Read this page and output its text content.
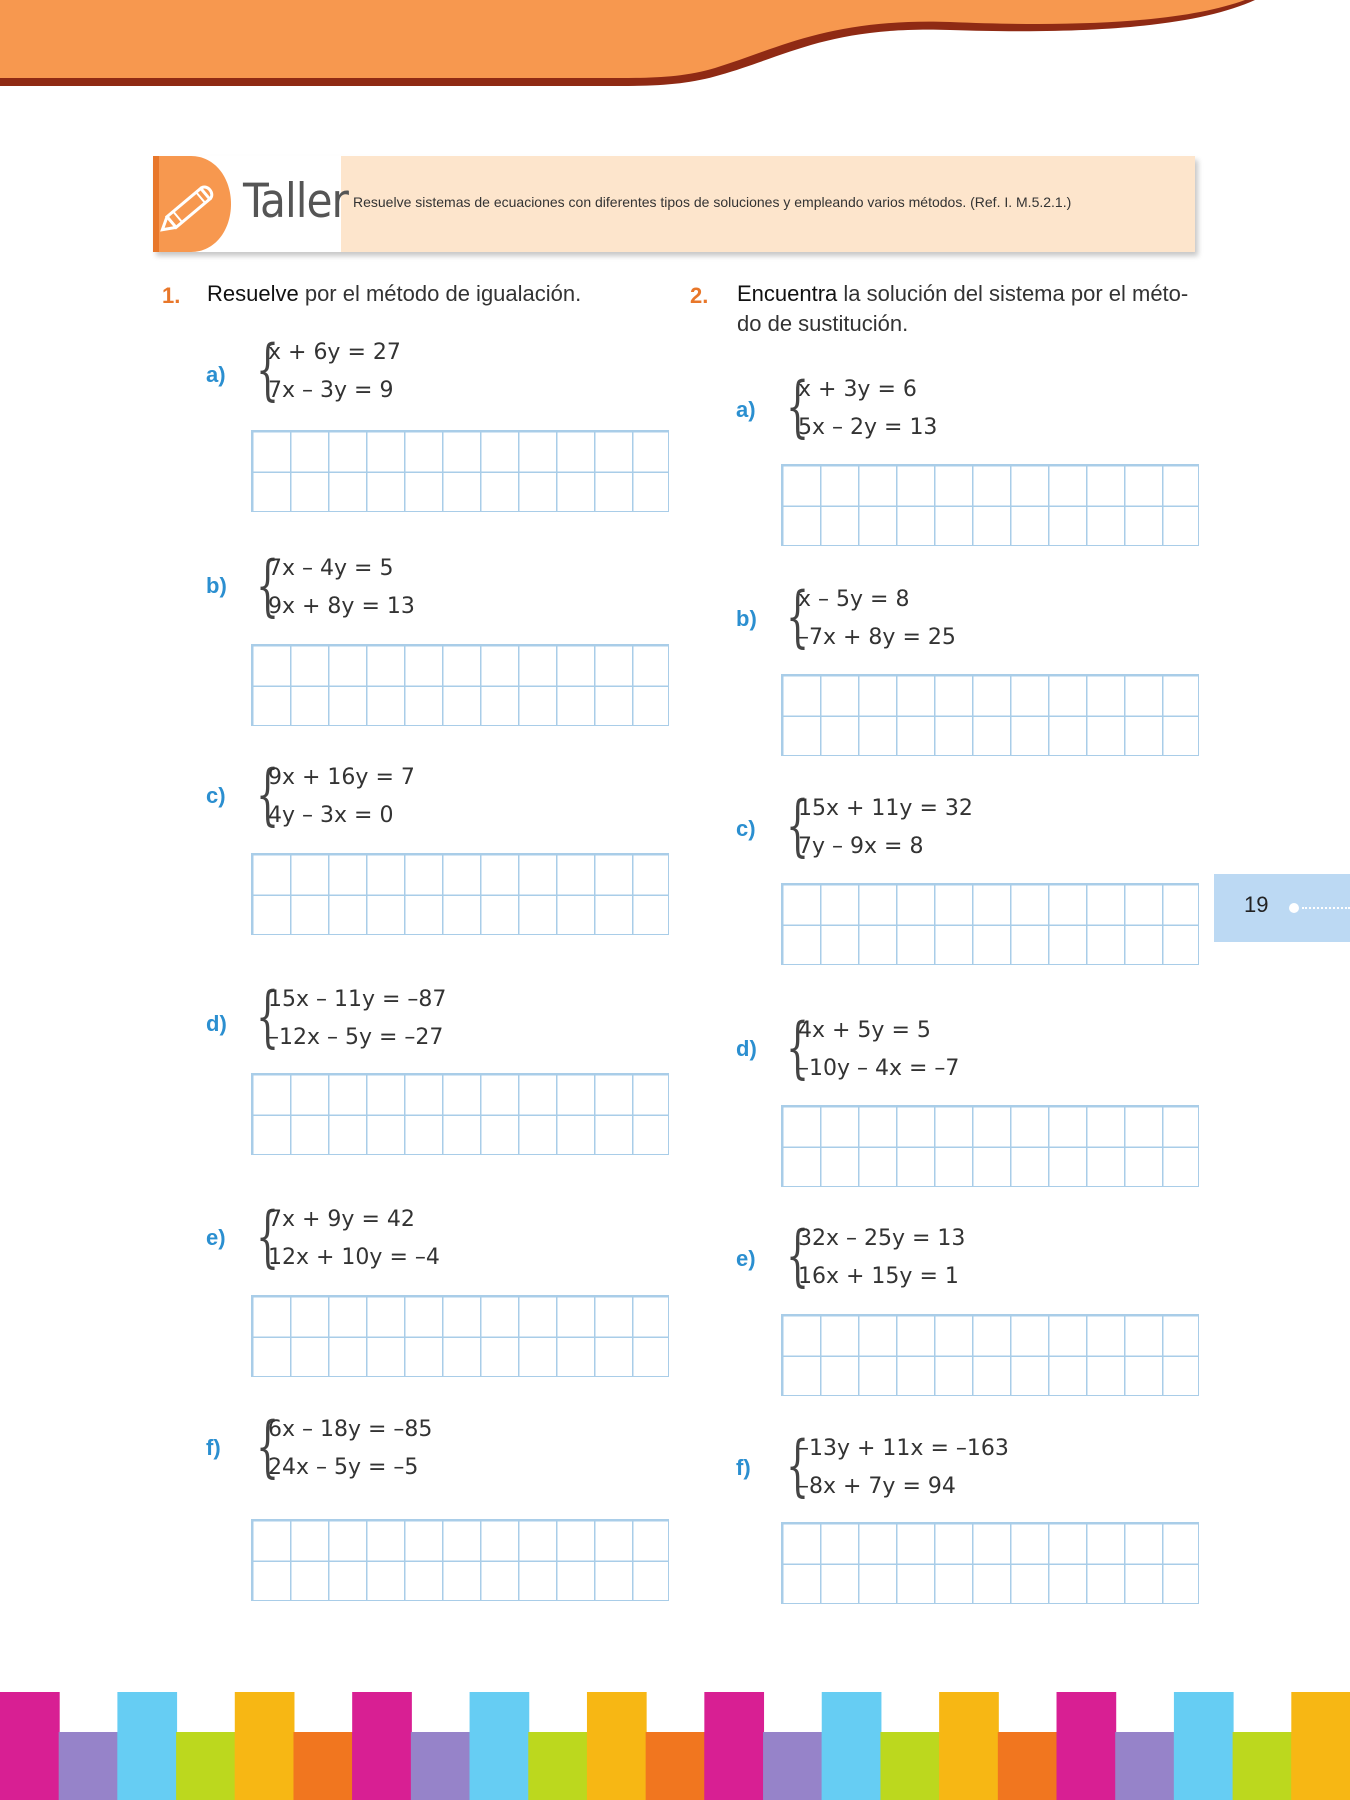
Taller Resuelve sistemas de ecuaciones con diferentes tipos de soluciones y empleando varios métodos. (Ref. I. M.5.2.1.)
1. Resuelve por el método de igualación.	2. Encuentra la solución del sistema por el méto-
do de sustitución.
a) {
x + 6y = 27
7x – 3y = 9
b) {
7x – 4y = 5
9x + 8y = 13
c) {
9x + 16y = 7
4y – 3x = 0
d) {
15x – 11y = –87
–12x – 5y = –27
e) {
7x + 9y = 42
12x + 10y = –4
f) {
6x – 18y = –85
24x – 5y = –5
a) {
x + 3y = 6
5x – 2y = 13
b) {
x – 5y = 8
–7x + 8y = 25
c) {
15x + 11y = 32
7y – 9x = 8
d) {
4x + 5y = 5
–10y – 4x = –7
e) {
32x – 25y = 13
16x + 15y = 1
f) {
–13y + 11x = –163
–8x + 7y = 94
19
